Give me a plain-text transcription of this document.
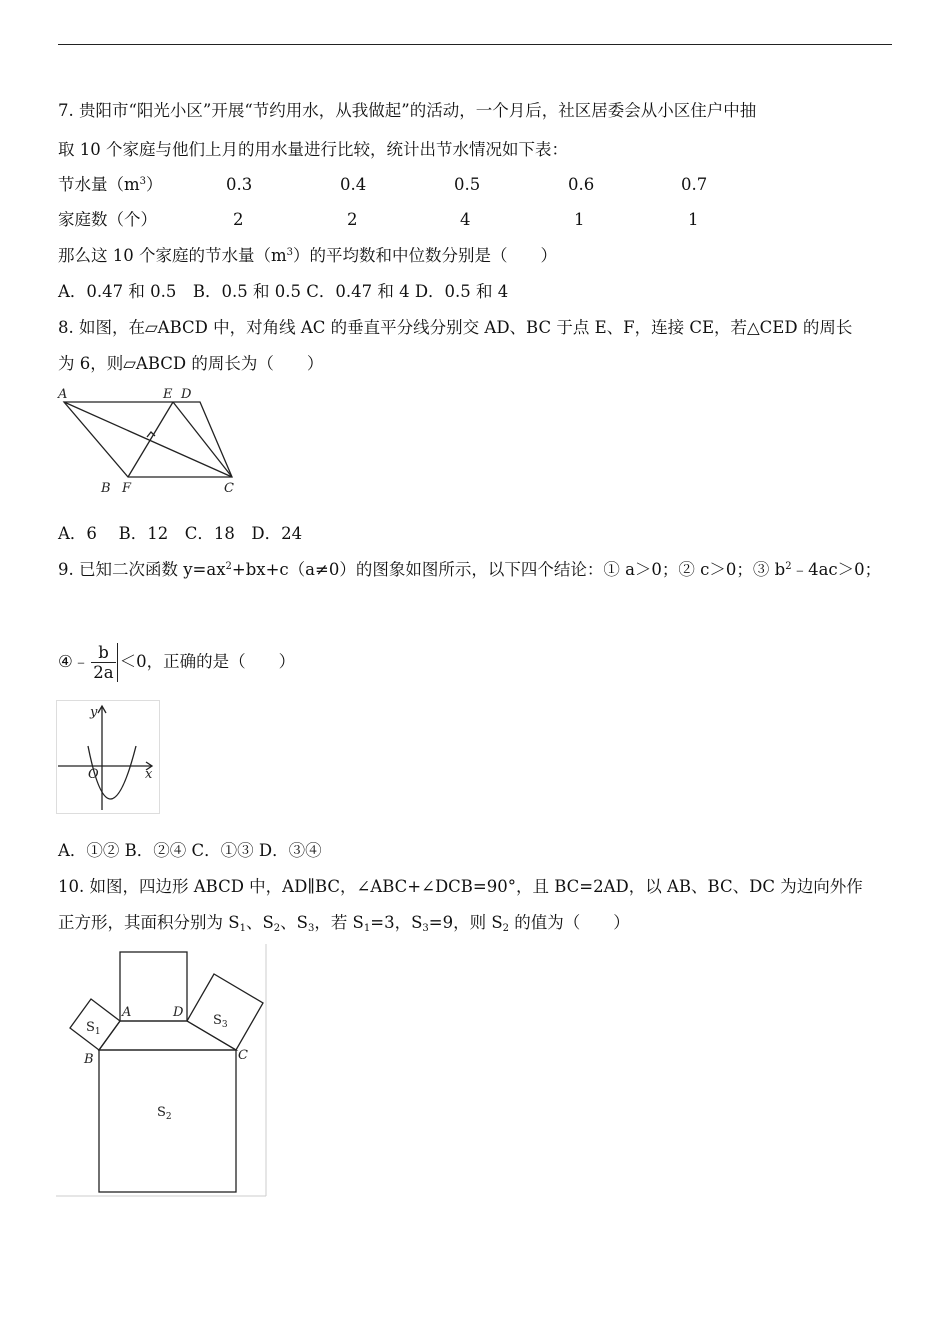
7. 贵阳市“阳光小区”开展“节约用水，从我做起”的活动，一个月后，社区居委会从小区住户中抽
取 10 个家庭与他们上月的用水量进行比较，统计出节水情况如下表：
节水量$(m^3)$	0.3	0.4	0.5	0.6	0.7
家庭数（个）	2	2	4	1	1
那么这 10 个家庭的节水量$(m^3)$的平均数和中位数分别是（　　）
A．0.47 和 0.5　B．0.5 和 0.5 C．0.47 和 4 D．0.5 和 4
8. 如图，在▱ABCD 中，对角线 AC 的垂直平分线分别交 AD、BC 于点 E、F，连接 CE，若△CED 的周长
为 6，则▱ABCD 的周长为（　　）
A	E D
B F	C
A．6　 B．12　C．18　D．24
9. 已知二次函数 $y=ax^2+bx+c(a\ne 0)$的图象如图所示，以下四个结论：① a＞0；② c＞0；③ $b^2﹣4ac>0$；
④﹣ $\frac{b}{2a} <0$，正确的是（　　）
y
x
O
A．①② B．②④ C．①③ D．③④
10. 如图，四边形 ABCD 中，AD∥BC，∠ABC+∠DCB=90°，且 BC=2AD，以 AB、BC、DC 为边向外作
正方形，其面积分别为 $S_1$、$S_2$、$S_3$，若 $S_1=3$，$S_3=9$，则 $S_2$ 的值为（　　）
A	D
B	C
$S_1$
$S_3$
$S_2$
